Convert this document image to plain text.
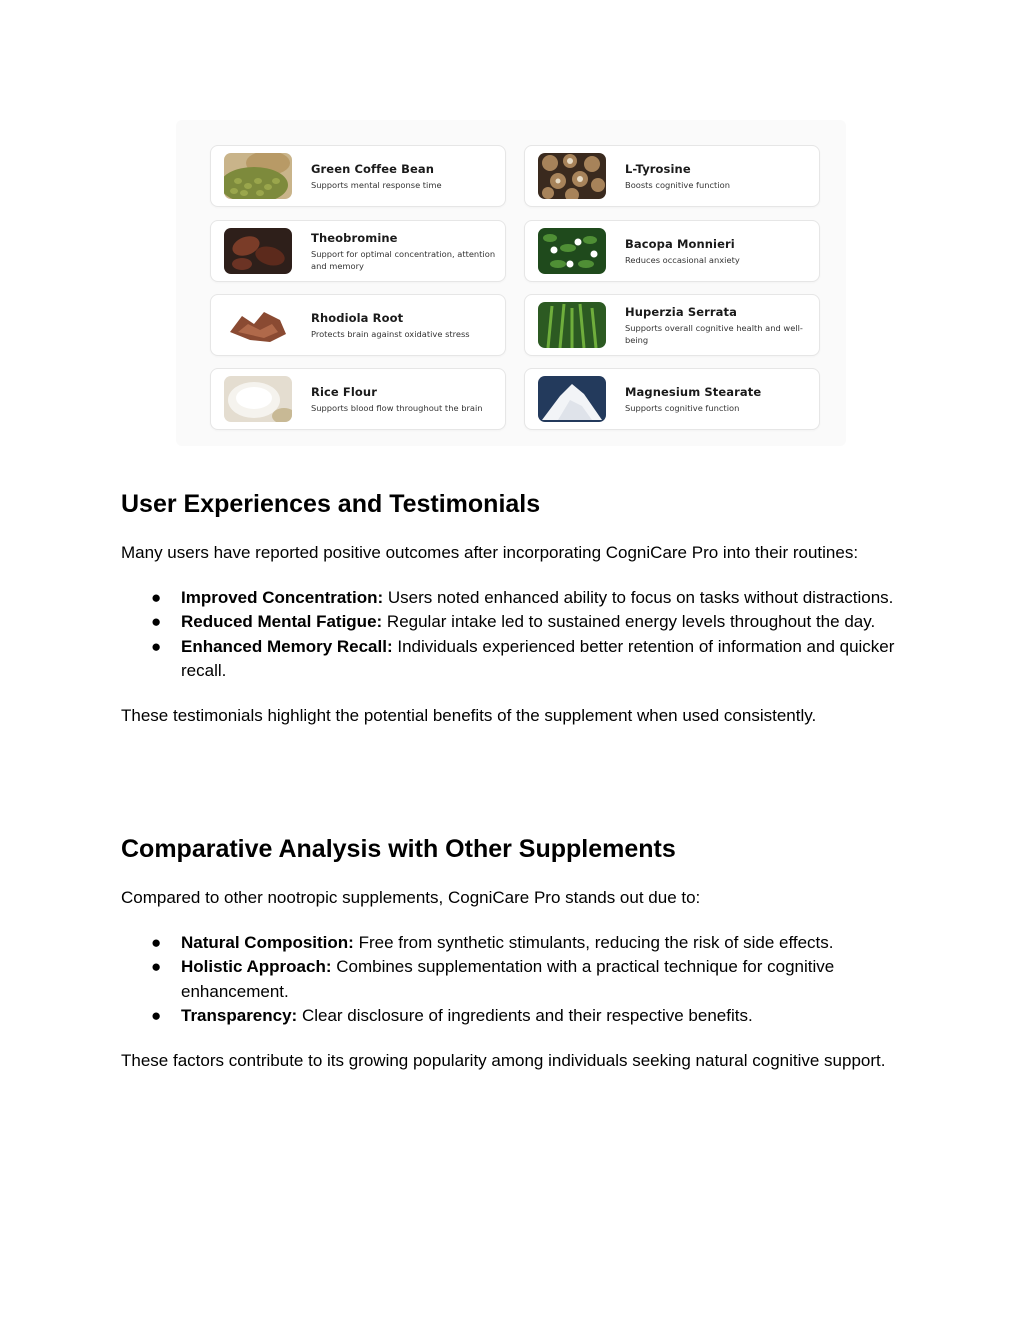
Green Coffee Bean
Supports mental response time
L-Tyrosine
Boosts cognitive function
Theobromine
Support for optimal concentration, attention and memory
Bacopa Monnieri
Reduces occasional anxiety
Rhodiola Root
Protects brain against oxidative stress
Huperzia Serrata
Supports overall cognitive health and well-being
Rice Flour
Supports blood flow throughout the brain
Magnesium Stearate
Supports cognitive function
User Experiences and Testimonials

Many users have reported positive outcomes after incorporating CogniCare Pro into their routines:

● Improved Concentration: Users noted enhanced ability to focus on tasks without distractions.
● Reduced Mental Fatigue: Regular intake led to sustained energy levels throughout the day.
● Enhanced Memory Recall: Individuals experienced better retention of information and quicker recall.

These testimonials highlight the potential benefits of the supplement when used consistently.

Comparative Analysis with Other Supplements

Compared to other nootropic supplements, CogniCare Pro stands out due to:

● Natural Composition: Free from synthetic stimulants, reducing the risk of side effects.
● Holistic Approach: Combines supplementation with a practical technique for cognitive enhancement.
● Transparency: Clear disclosure of ingredients and their respective benefits.

These factors contribute to its growing popularity among individuals seeking natural cognitive support.
